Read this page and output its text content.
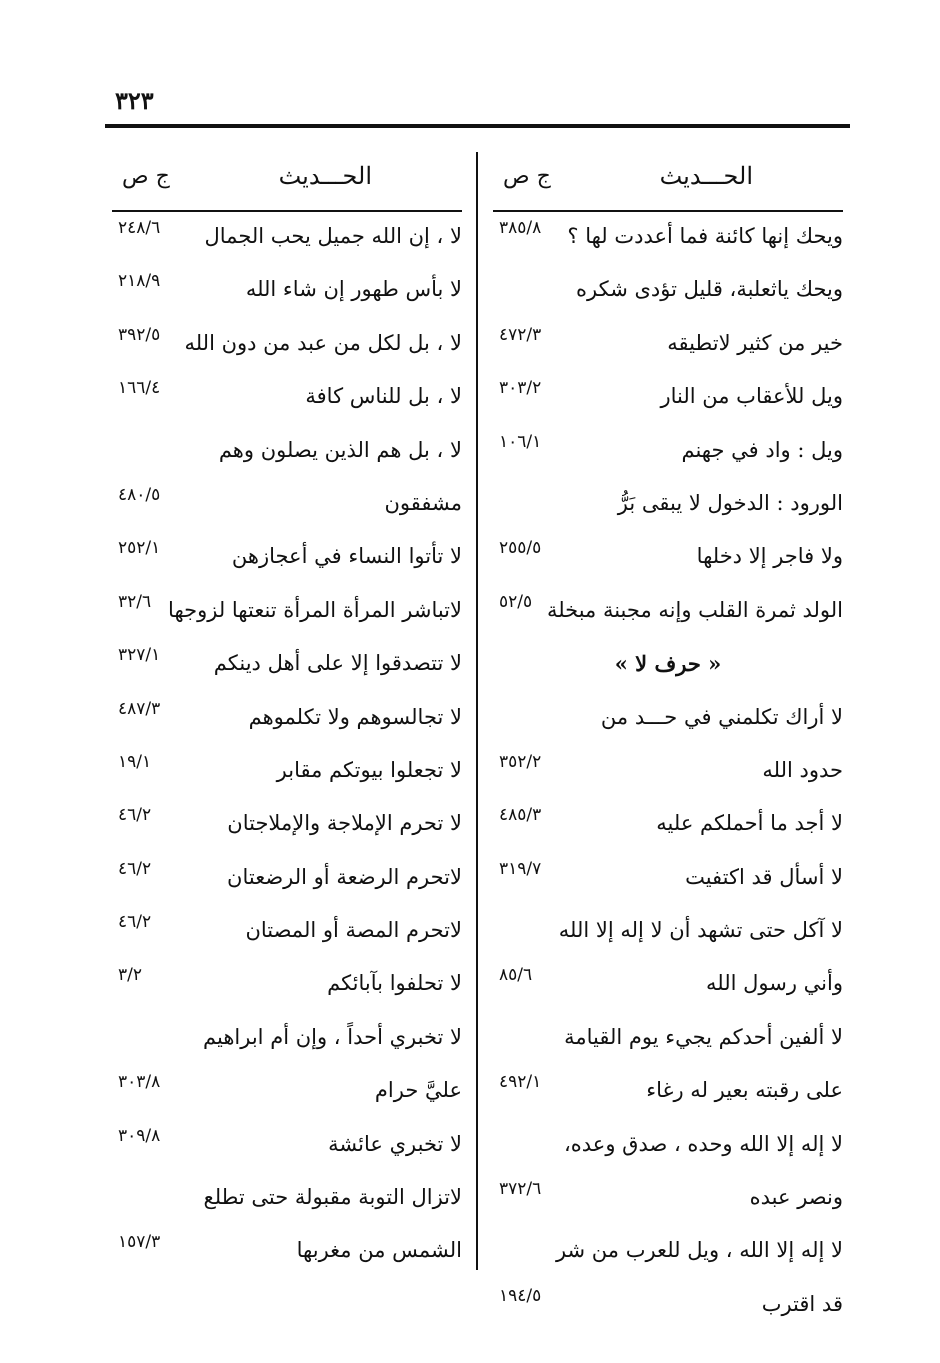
٣٢٣
الحـــديث
ج ص
ويحك إنها كائنة فما أعددت لها ؟
٣٨٥/٨
ويحك ياثعلبة، قليل تؤدى شكره
خير من كثير لاتطيقه
٤٧٢/٣
ويل للأعقاب من النار
٣٠٣/٢
ويل : واد في جهنم
١٠٦/١
الورود : الدخول لا يبقى بَرُّ
ولا فاجر إلا دخلها
٢٥٥/٥
الولد ثمرة القلب وإنه مجبنة مبخلة
٥٢/٥
« حرف لا »
لا أراك تكلمني في حـــد من
حدود الله
٣٥٢/٢
لا أجد ما أحملكم عليه
٤٨٥/٣
لا أسأل قد اكتفيت
٣١٩/٧
لا آكل حتى تشهد أن لا إله إلا الله
وأني رسول الله
٨٥/٦
لا ألفين أحدكم يجيء يوم القيامة
على رقبته بعير له رغاء
٤٩٢/١
لا إله إلا الله وحده ، صدق وعده،
ونصر عبده
٣٧٢/٦
لا إله إلا الله ، ويل للعرب من شر
قد اقترب
١٩٤/٥
الحـــديث
ج ص
لا ، إن الله جميل يحب الجمال
٢٤٨/٦
لا بأس طهور إن شاء الله
٢١٨/٩
لا ، بل لكل من عبد من دون الله
٣٩٢/٥
لا ، بل للناس كافة
١٦٦/٤
لا ، بل هم الذين يصلون وهم
مشفقون
٤٨٠/٥
لا تأتوا النساء في أعجازهن
٢٥٢/١
لاتباشر المرأة المرأة تنعتها لزوجها
٣٢/٦
لا تتصدقوا إلا على أهل دينكم
٣٢٧/١
لا تجالسوهم ولا تكلموهم
٤٨٧/٣
لا تجعلوا بيوتكم مقابر
١٩/١
لا تحرم الإملاجة والإملاجتان
٤٦/٢
لاتحرم الرضعة أو الرضعتان
٤٦/٢
لاتحرم المصة أو المصتان
٤٦/٢
لا تحلفوا بآبائكم
٣/٢
لا تخبري أحداً ، وإن أم ابراهيم
عليَّ حرام
٣٠٣/٨
لا تخبري عائشة
٣٠٩/٨
لاتزال التوبة مقبولة حتى تطلع
الشمس من مغربها
١٥٧/٣
